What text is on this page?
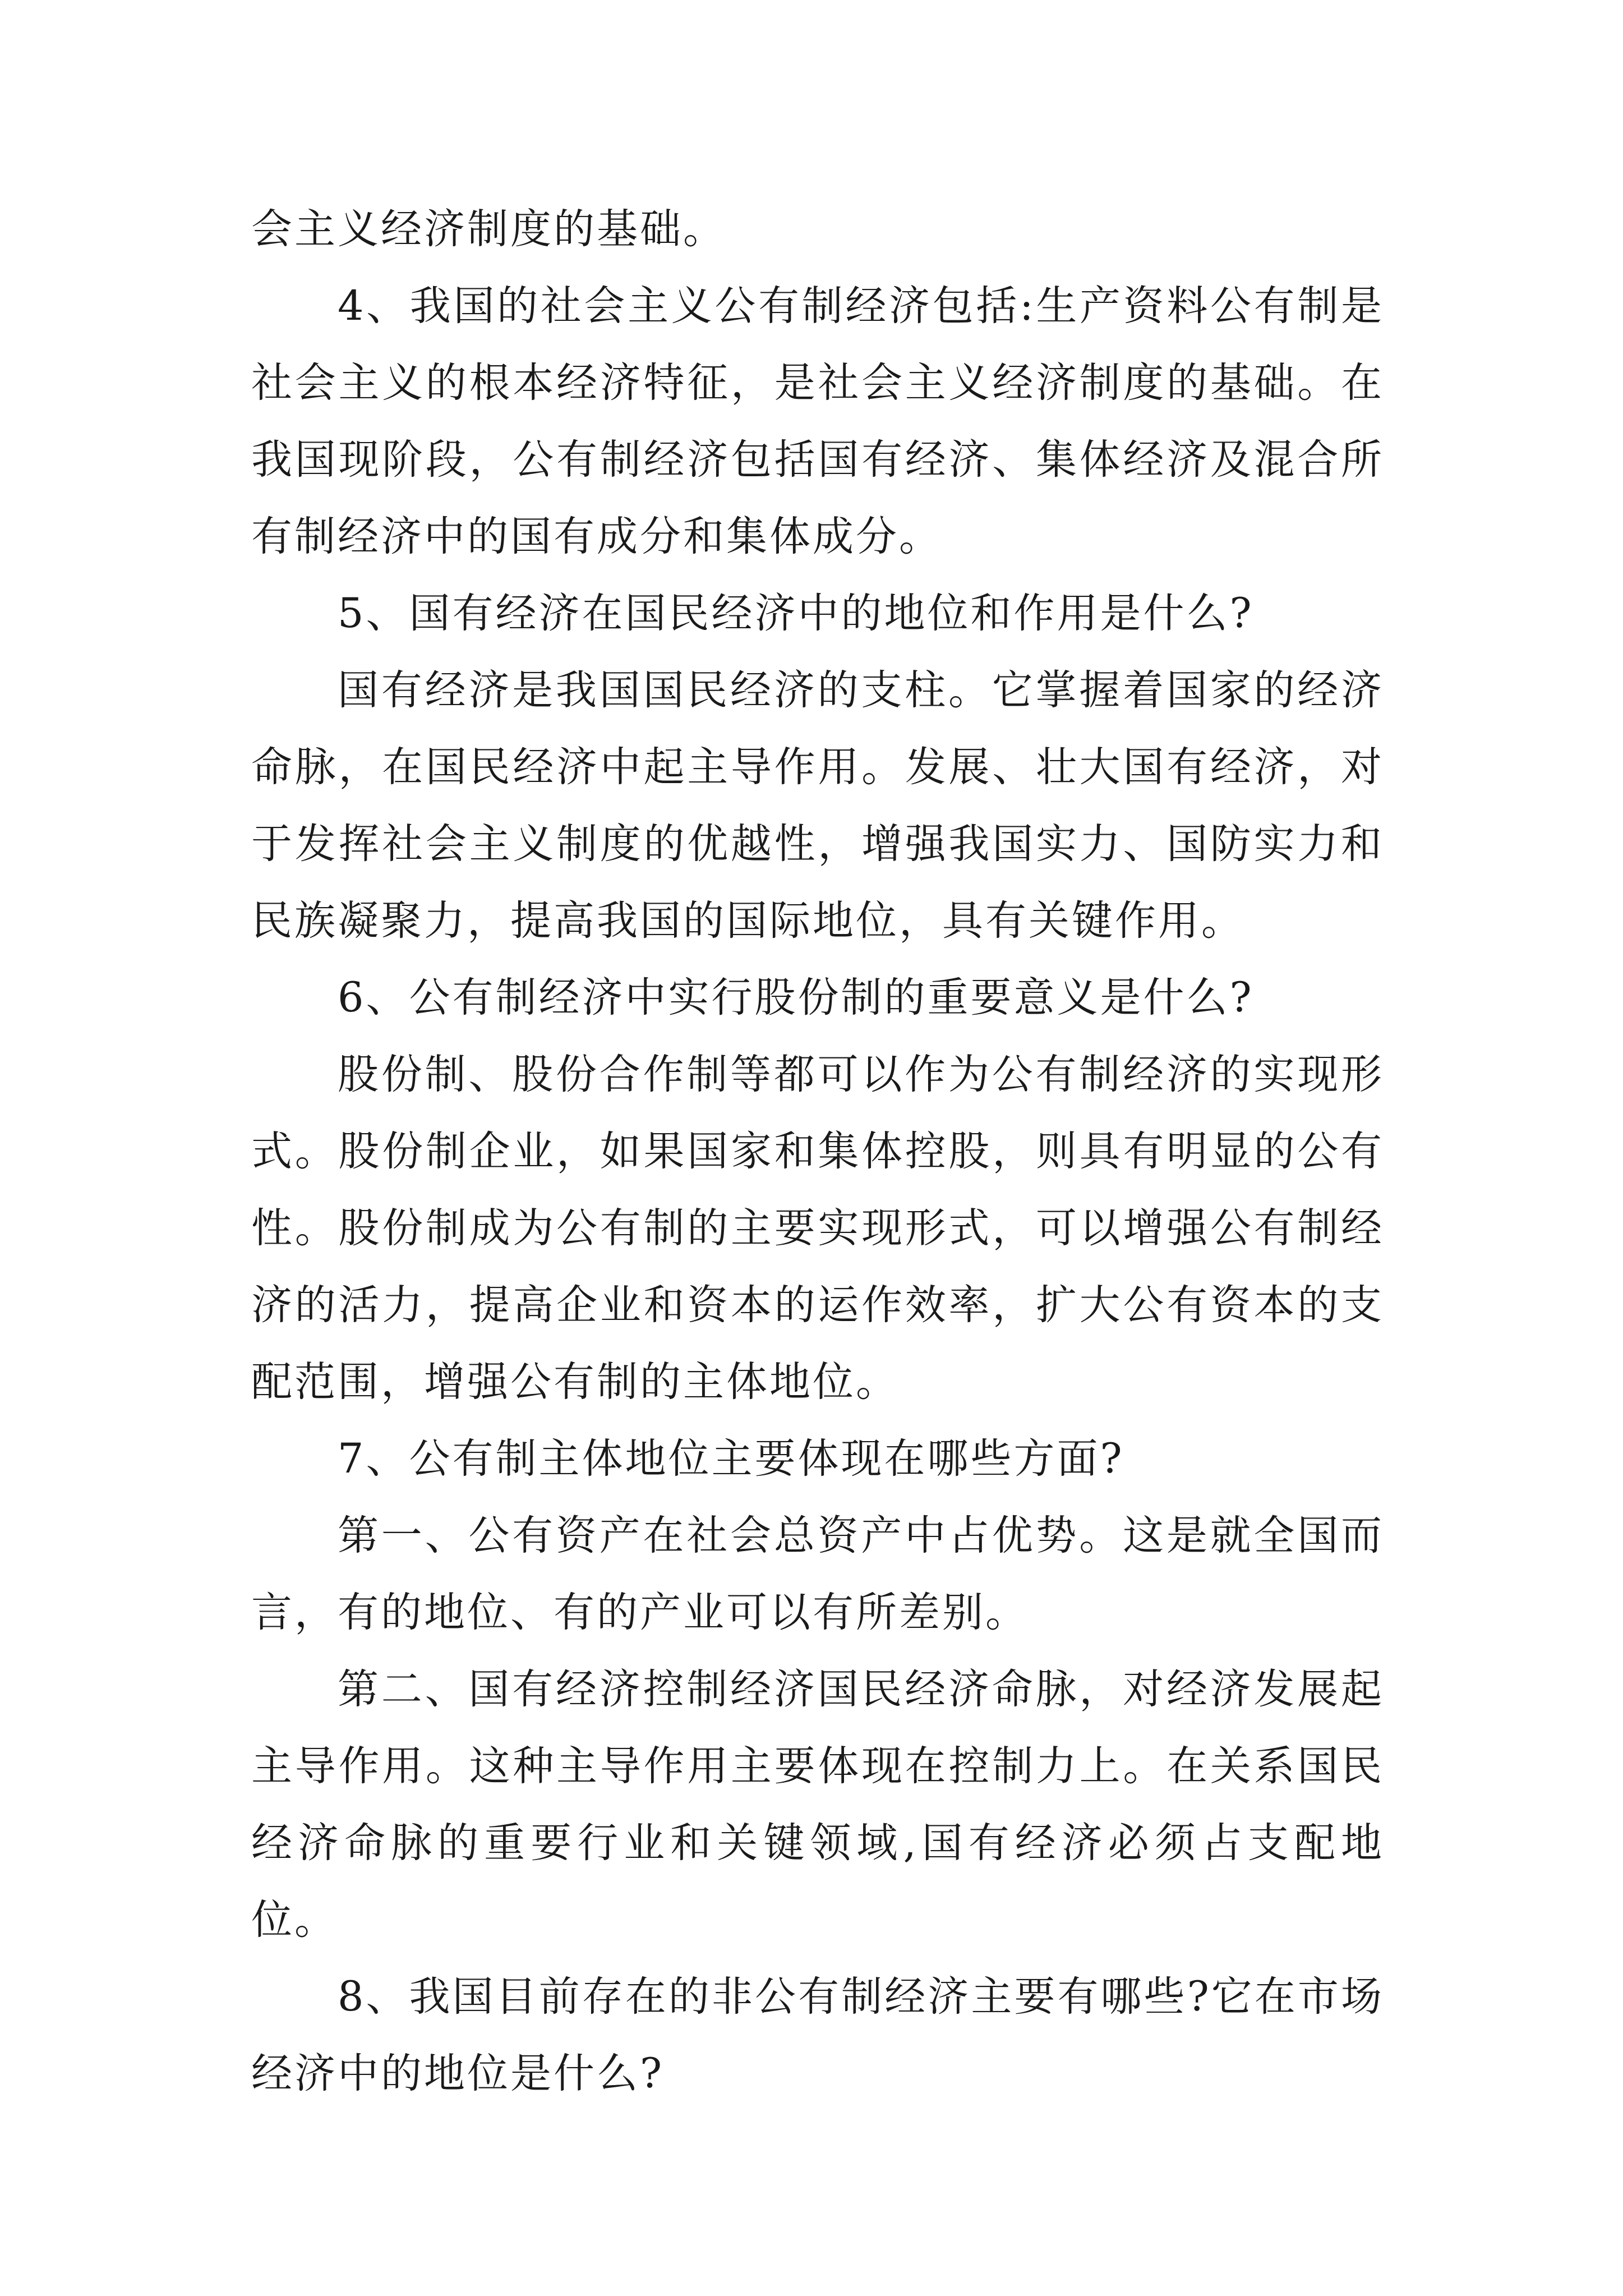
会主义经济制度的基础。

4、我国的社会主义公有制经济包括:生产资料公有制是社会主义的根本经济特征，是社会主义经济制度的基础。在我国现阶段，公有制经济包括国有经济、集体经济及混合所有制经济中的国有成分和集体成分。

5、国有经济在国民经济中的地位和作用是什么?

国有经济是我国国民经济的支柱。它掌握着国家的经济命脉，在国民经济中起主导作用。发展、壮大国有经济，对于发挥社会主义制度的优越性，增强我国实力、国防实力和民族凝聚力，提高我国的国际地位，具有关键作用。

6、公有制经济中实行股份制的重要意义是什么?

股份制、股份合作制等都可以作为公有制经济的实现形式。股份制企业，如果国家和集体控股，则具有明显的公有性。股份制成为公有制的主要实现形式，可以增强公有制经济的活力，提高企业和资本的运作效率，扩大公有资本的支配范围，增强公有制的主体地位。

7、公有制主体地位主要体现在哪些方面?

第一、公有资产在社会总资产中占优势。这是就全国而言，有的地位、有的产业可以有所差别。

第二、国有经济控制经济国民经济命脉，对经济发展起主导作用。这种主导作用主要体现在控制力上。在关系国民经济命脉的重要行业和关键领域,国有经济必须占支配地位。

8、我国目前存在的非公有制经济主要有哪些?它在市场经济中的地位是什么?
